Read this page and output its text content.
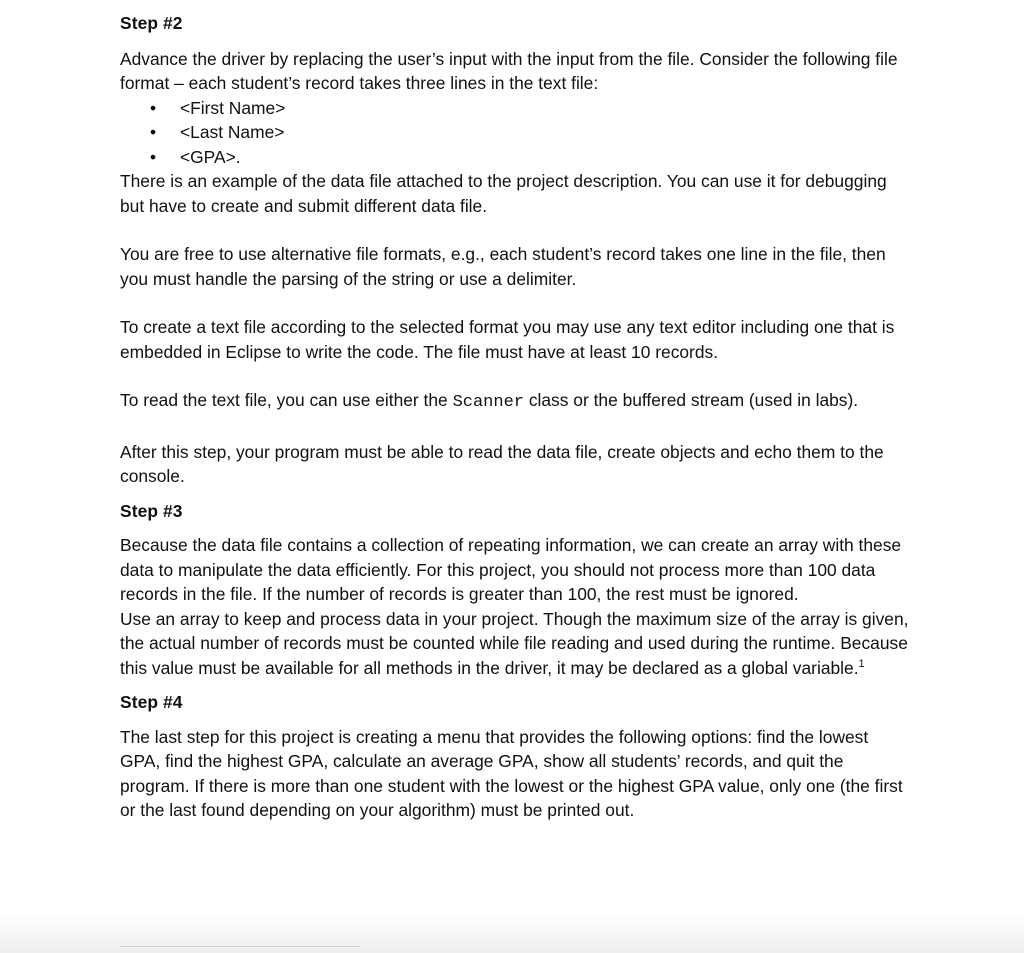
Step #2

Advance the driver by replacing the user’s input with the input from the file. Consider the following file format – each student’s record takes three lines in the text file:

• <First Name>
• <Last Name>
• <GPA>.

There is an example of the data file attached to the project description. You can use it for debugging but have to create and submit different data file.

You are free to use alternative file formats, e.g., each student’s record takes one line in the file, then you must handle the parsing of the string or use a delimiter.

To create a text file according to the selected format you may use any text editor including one that is embedded in Eclipse to write the code. The file must have at least 10 records.

To read the text file, you can use either the Scanner class or the buffered stream (used in labs).

After this step, your program must be able to read the data file, create objects and echo them to the console.

Step #3

Because the data file contains a collection of repeating information, we can create an array with these data to manipulate the data efficiently. For this project, you should not process more than 100 data records in the file. If the number of records is greater than 100, the rest must be ignored.

Use an array to keep and process data in your project. Though the maximum size of the array is given, the actual number of records must be counted while file reading and used during the runtime. Because this value must be available for all methods in the driver, it may be declared as a global variable.$^1$

Step #4

The last step for this project is creating a menu that provides the following options: find the lowest GPA, find the highest GPA, calculate an average GPA, show all students’ records, and quit the program. If there is more than one student with the lowest or the highest GPA value, only one (the first or the last found depending on your algorithm) must be printed out.
